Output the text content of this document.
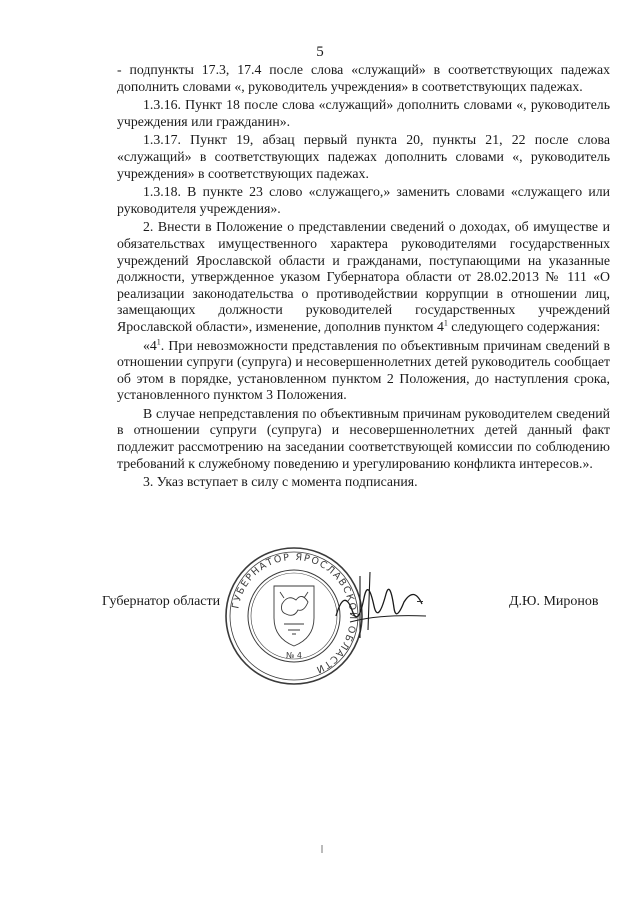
5

- подпункты 17.3, 17.4 после слова «служащий» в соответствующих падежах дополнить словами «, руководитель учреждения» в соответствующих падежах.

1.3.16. Пункт 18 после слова «служащий» дополнить словами «, руководитель учреждения или гражданин».

1.3.17. Пункт 19, абзац первый пункта 20, пункты 21, 22 после слова «служащий» в соответствующих падежах дополнить словами «, руководитель учреждения» в соответствующих падежах.

1.3.18. В пункте 23 слово «служащего,» заменить словами «служащего или руководителя учреждения».

2. Внести в Положение о представлении сведений о доходах, об имуществе и обязательствах имущественного характера руководителями государственных учреждений Ярославской области и гражданами, поступающими на указанные должности, утвержденное указом Губернатора области от 28.02.2013 № 111 «О реализации законодательства о противодействии коррупции в отношении лиц, замещающих должности руководителей государственных учреждений Ярославской области», изменение, дополнив пунктом $4^1$ следующего содержания:

«$4^1$. При невозможности представления по объективным причинам сведений в отношении супруги (супруга) и несовершеннолетних детей руководитель сообщает об этом в порядке, установленном пунктом 2 Положения, до наступления срока, установленного пунктом 3 Положения.

В случае непредставления по объективным причинам руководителем сведений в отношении супруги (супруга) и несовершеннолетних детей данный факт подлежит рассмотрению на заседании соответствующей комиссии по соблюдению требований к служебному поведению и урегулированию конфликта интересов.».

3. Указ вступает в силу с момента подписания.

Губернатор области ГУБЕРНАТОР ЯРОСЛАВСКОЙ ОБЛАСТИ
№ 4
Д.Ю. Миронов
